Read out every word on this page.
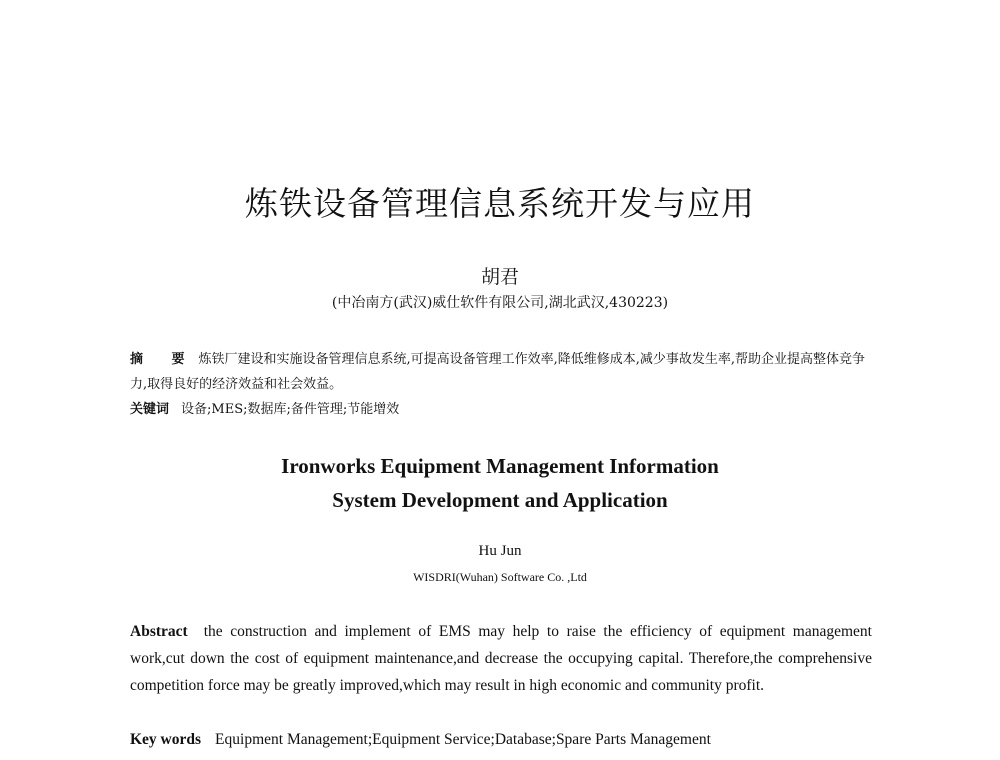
炼铁设备管理信息系统开发与应用
胡君
(中冶南方(武汉)威仕软件有限公司,湖北武汉,430223)
摘 要 炼铁厂建设和实施设备管理信息系统,可提高设备管理工作效率,降低维修成本,减少事故发生率,帮助企业提高整体竞争力,取得良好的经济效益和社会效益。
关键词 设备;MES;数据库;备件管理;节能增效
Ironworks Equipment Management Information
System Development and Application
Hu Jun
WISDRI(Wuhan) Software Co. ,Ltd
Abstract the construction and implement of EMS may help to raise the efficiency of equipment management work,cut down the cost of equipment maintenance,and decrease the occupying capital. Therefore,the comprehensive competition force may be greatly improved,which may result in high economic and community profit.
Key words Equipment Management;Equipment Service;Database;Spare Parts Management
